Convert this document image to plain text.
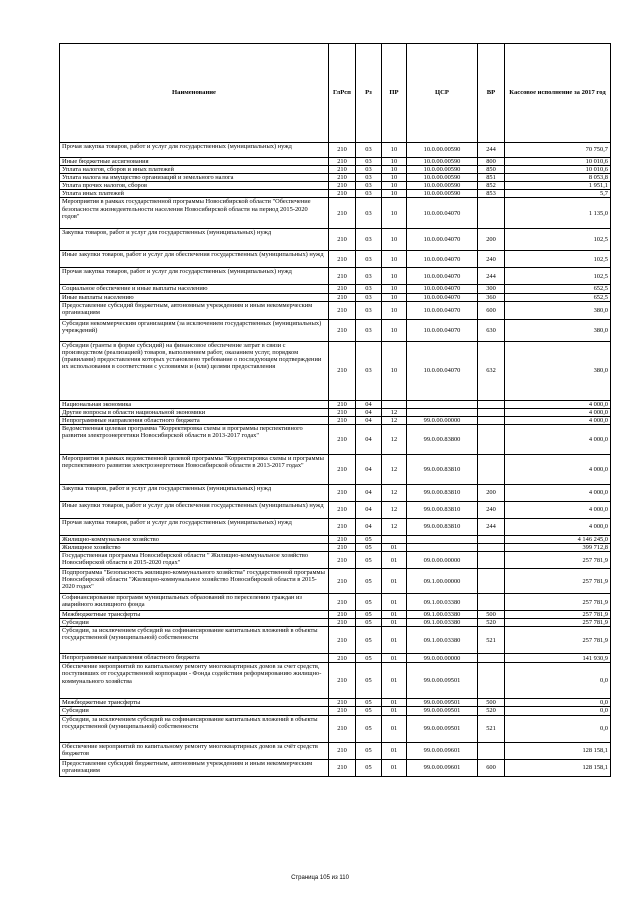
Наименование	ГлРсп	Рз	ПР	ЦСР	ВР	Кассовое исполнение за 2017 год
Прочая закупка товаров, работ и услуг для государственных (муниципальных) нужд	210	03	10	10.0.00.00590	244	70 750,7
Иные бюджетные ассигнования	210	03	10	10.0.00.00590	800	10 010,6
Уплата налогов, сборов и иных платежей	210	03	10	10.0.00.00590	850	10 010,6
Уплата налога на имущество организаций и земельного налога	210	03	10	10.0.00.00590	851	8 053,8
Уплата прочих налогов, сборов	210	03	10	10.0.00.00590	852	1 951,1
Уплата иных платежей	210	03	10	10.0.00.00590	853	5,7
Мероприятия в рамках государственной программы Новосибирской области "Обеспечение безопасности жизнедеятельности населения Новосибирской области на период 2015-2020 годов"	210	03	10	10.0.00.04070		1 135,0
Закупка товаров, работ и услуг для государственных (муниципальных) нужд	210	03	10	10.0.00.04070	200	102,5
Иные закупки товаров, работ и услуг для обеспечения государственных (муниципальных) нужд	210	03	10	10.0.00.04070	240	102,5
Прочая закупка товаров, работ и услуг для государственных (муниципальных) нужд	210	03	10	10.0.00.04070	244	102,5
Социальное обеспечение и иные выплаты населению	210	03	10	10.0.00.04070	300	652,5
Иные выплаты населению	210	03	10	10.0.00.04070	360	652,5
Предоставление субсидий бюджетным, автономным учреждениям и иным некоммерческим организациям	210	03	10	10.0.00.04070	600	380,0
Субсидии некоммерческим организациям (за исключением государственных (муниципальных) учреждений)	210	03	10	10.0.00.04070	630	380,0
Субсидии (гранты в форме субсидий) на финансовое обеспечение затрат в связи с производством (реализацией) товаров, выполнением работ, оказанием услуг, порядком (правилами) предоставления которых установлено требование о последующем подтверждении их использования в соответствии с условиями и (или) целями предоставления	210	03	10	10.0.00.04070	632	380,0
Национальная экономика	210	04				4 000,0
Другие вопросы в области национальной экономики	210	04	12			4 000,0
Непрограммные направления областного бюджета	210	04	12	99.0.00.00000		4 000,0
Ведомственная целевая программа "Корректировка схемы и программы перспективного развития электроэнергетики Новосибирской области в 2013-2017 годах"	210	04	12	99.0.00.83800		4 000,0
Мероприятия в рамках ведомственной целевой программы "Корректировка схемы и программы перспективного развития электроэнергетики Новосибирской области в 2013-2017 годах"	210	04	12	99.0.00.83810		4 000,0
Закупка товаров, работ и услуг для государственных (муниципальных) нужд	210	04	12	99.0.00.83810	200	4 000,0
Иные закупки товаров, работ и услуг для обеспечения государственных (муниципальных) нужд	210	04	12	99.0.00.83810	240	4 000,0
Прочая закупка товаров, работ и услуг для государственных (муниципальных) нужд	210	04	12	99.0.00.83810	244	4 000,0
Жилищно-коммунальное хозяйство	210	05				4 146 245,0
Жилищное хозяйство	210	05	01			399 712,8
Государственная программа Новосибирской области " Жилищно-коммунальное хозяйство Новосибирской области в 2015-2020 годах"	210	05	01	09.0.00.00000		257 781,9
Подпрограмма "Безопасность жилищно-коммунального хозяйства" государственной программы Новосибирской области "Жилищно-коммунальное хозяйство Новосибирской области в 2015-2020 годах"	210	05	01	09.1.00.00000		257 781,9
Софинансирование программ муниципальных образований по переселению граждан из аварийного жилищного фонда	210	05	01	09.1.00.03380		257 781,9
Межбюджетные трансферты	210	05	01	09.1.00.03380	500	257 781,9
Субсидии	210	05	01	09.1.00.03380	520	257 781,9
Субсидии, за исключением субсидий на софинансирование капитальных вложений в объекты государственной (муниципальной) собственности	210	05	01	09.1.00.03380	521	257 781,9
Непрограммные направления областного бюджета	210	05	01	99.0.00.00000		141 930,9
Обеспечение мероприятий по капитальному ремонту многоквартирных домов за счет средств, поступивших от государственной корпорации - Фонда содействия реформированию жилищно-коммунального хозяйства	210	05	01	99.0.00.09501		0,0
Межбюджетные трансферты	210	05	01	99.0.00.09501	500	0,0
Субсидии	210	05	01	99.0.00.09501	520	0,0
Субсидии, за исключением субсидий на софинансирование капитальных вложений в объекты государственной (муниципальной) собственности	210	05	01	99.0.00.09501	521	0,0
Обеспечение мероприятий по капитальному ремонту многоквартирных домов за счёт средств бюджетов	210	05	01	99.0.00.09601		128 158,1
Предоставление субсидий бюджетным, автономным учреждениям и иным некоммерческим организациям	210	05	01	99.0.00.09601	600	128 158,1
Страница 105 из 110
